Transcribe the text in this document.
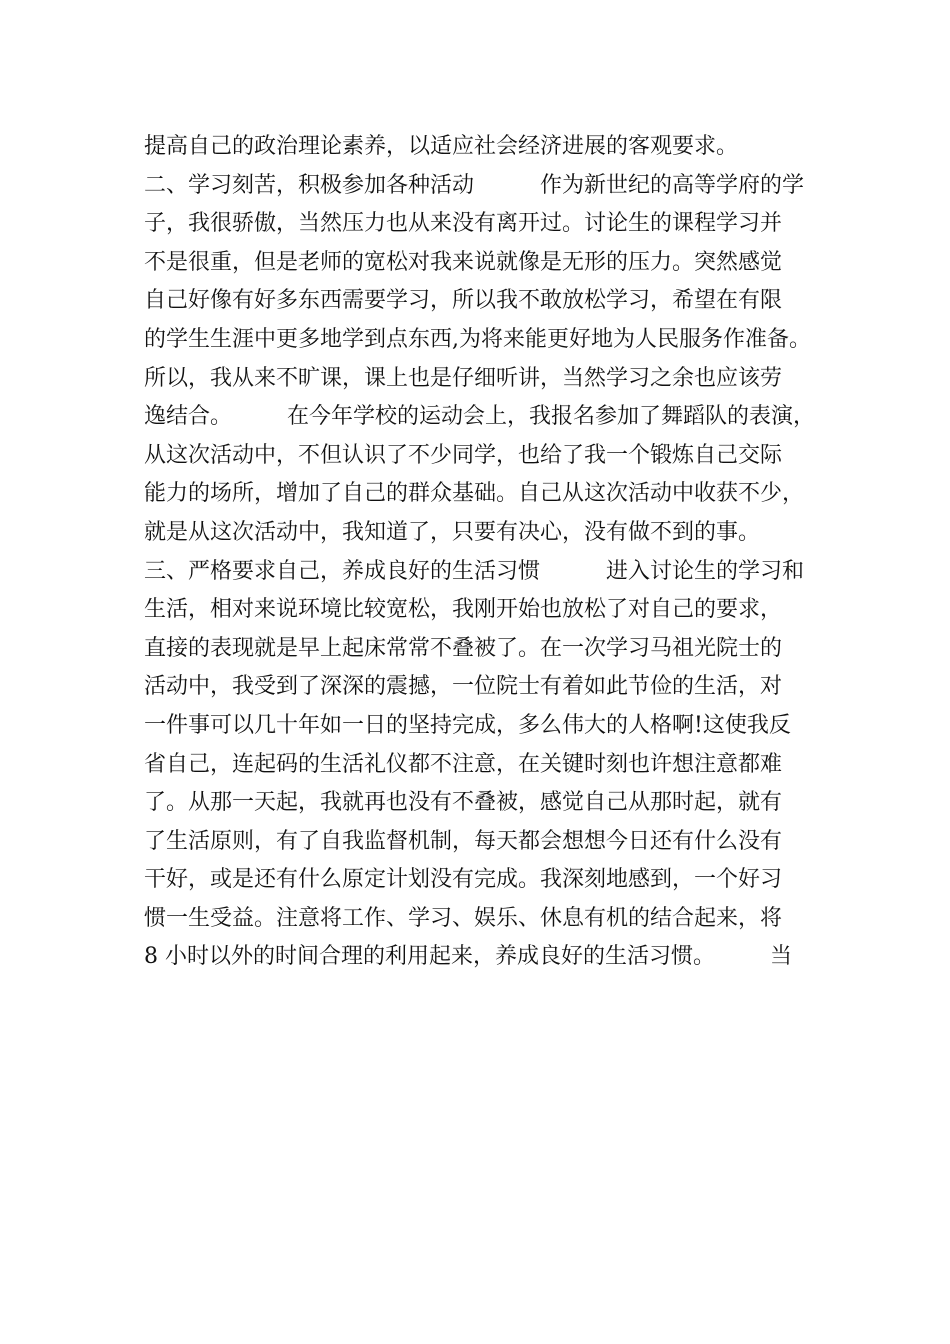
提高自己的政治理论素养，以适应社会经济进展的客观要求。
二、学习刻苦，积极参加各种活动　　　作为新世纪的高等学府的学
子，我很骄傲，当然压力也从来没有离开过。讨论生的课程学习并
不是很重，但是老师的宽松对我来说就像是无形的压力。突然感觉
自己好像有好多东西需要学习，所以我不敢放松学习，希望在有限
的学生生涯中更多地学到点东西,为将来能更好地为人民服务作准备。
所以，我从来不旷课，课上也是仔细听讲，当然学习之余也应该劳
逸结合。　　　在今年学校的运动会上，我报名参加了舞蹈队的表演，
从这次活动中，不但认识了不少同学，也给了我一个锻炼自己交际
能力的场所，增加了自己的群众基础。自己从这次活动中收获不少，
就是从这次活动中，我知道了，只要有决心，没有做不到的事。
三、严格要求自己，养成良好的生活习惯　　　进入讨论生的学习和
生活，相对来说环境比较宽松，我刚开始也放松了对自己的要求，
直接的表现就是早上起床常常不叠被了。在一次学习马祖光院士的
活动中，我受到了深深的震撼，一位院士有着如此节俭的生活，对
一件事可以几十年如一日的坚持完成，多么伟大的人格啊!这使我反
省自己，连起码的生活礼仪都不注意，在关键时刻也许想注意都难
了。从那一天起，我就再也没有不叠被，感觉自己从那时起，就有
了生活原则，有了自我监督机制，每天都会想想今日还有什么没有
干好，或是还有什么原定计划没有完成。我深刻地感到，一个好习
惯一生受益。注意将工作、学习、娱乐、休息有机的结合起来，将
8 小时以外的时间合理的利用起来，养成良好的生活习惯。　　　当
